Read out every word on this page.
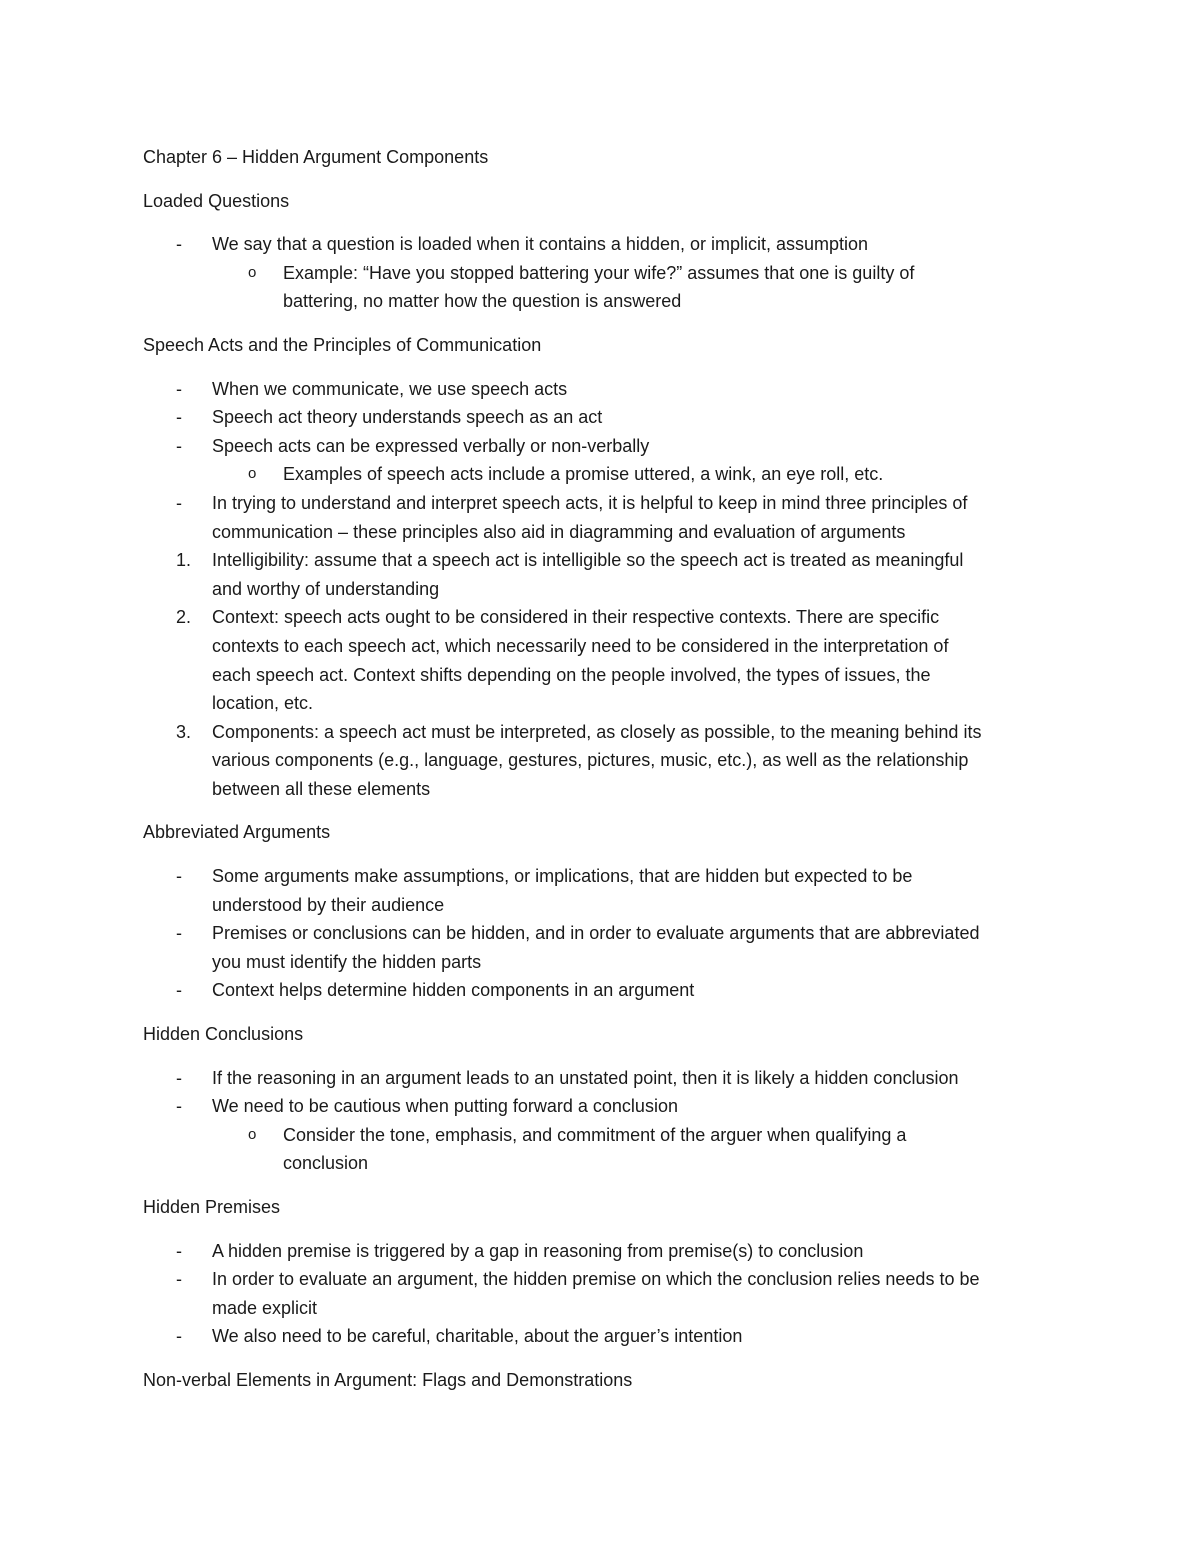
Chapter 6 – Hidden Argument Components
Loaded Questions
- We say that a question is loaded when it contains a hidden, or implicit, assumption
o Example: “Have you stopped battering your wife?” assumes that one is guilty of
battering, no matter how the question is answered
Speech Acts and the Principles of Communication
- When we communicate, we use speech acts
- Speech act theory understands speech as an act
- Speech acts can be expressed verbally or non-verbally
o Examples of speech acts include a promise uttered, a wink, an eye roll, etc.
- In trying to understand and interpret speech acts, it is helpful to keep in mind three principles of
communication – these principles also aid in diagramming and evaluation of arguments
1. Intelligibility: assume that a speech act is intelligible so the speech act is treated as meaningful
and worthy of understanding
2. Context: speech acts ought to be considered in their respective contexts. There are specific
contexts to each speech act, which necessarily need to be considered in the interpretation of
each speech act. Context shifts depending on the people involved, the types of issues, the
location, etc.
3. Components: a speech act must be interpreted, as closely as possible, to the meaning behind its
various components (e.g., language, gestures, pictures, music, etc.), as well as the relationship
between all these elements
Abbreviated Arguments
- Some arguments make assumptions, or implications, that are hidden but expected to be
understood by their audience
- Premises or conclusions can be hidden, and in order to evaluate arguments that are abbreviated
you must identify the hidden parts
- Context helps determine hidden components in an argument
Hidden Conclusions
- If the reasoning in an argument leads to an unstated point, then it is likely a hidden conclusion
- We need to be cautious when putting forward a conclusion
o Consider the tone, emphasis, and commitment of the arguer when qualifying a
conclusion
Hidden Premises
- A hidden premise is triggered by a gap in reasoning from premise(s) to conclusion
- In order to evaluate an argument, the hidden premise on which the conclusion relies needs to be
made explicit
- We also need to be careful, charitable, about the arguer’s intention
Non-verbal Elements in Argument: Flags and Demonstrations
